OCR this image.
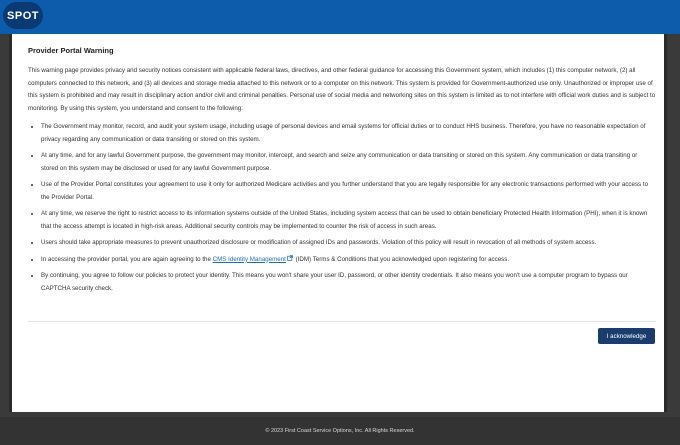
SPOT
Provider Portal Warning

This warning page provides privacy and security notices consistent with applicable federal laws, directives, and other federal guidance for accessing this Government system, which includes (1) this computer network, (2) all computers connected to this network, and (3) all devices and storage media attached to this network or to a computer on this network. This system is provided for Government-authorized use only. Unauthorized or improper use of this system is prohibited and may result in disciplinary action and/or civil and criminal penalties. Personal use of social media and networking sites on this system is limited as to not interfere with official work duties and is subject to monitoring. By using this system, you understand and consent to the following:

• The Government may monitor, record, and audit your system usage, including usage of personal devices and email systems for official duties or to conduct HHS business. Therefore, you have no reasonable expectation of privacy regarding any communication or data transiting or stored on this system.
• At any time, and for any lawful Government purpose, the government may monitor, intercept, and search and seize any communication or data transiting or stored on this system. Any communication or data transiting or stored on this system may be disclosed or used for any lawful Government purpose.
• Use of the Provider Portal constitutes your agreement to use it only for authorized Medicare activities and you further understand that you are legally responsible for any electronic transactions performed with your access to the Provider Portal.
• At any time, we reserve the right to restrict access to its information systems outside of the United States, including system access that can be used to obtain beneficiary Protected Health Information (PHI), when it is known that the access attempt is located in high-risk areas. Additional security controls may be implemented to counter the risk of access in such areas.
• Users should take appropriate measures to prevent unauthorized disclosure or modification of assigned IDs and passwords. Violation of this policy will result in revocation of all methods of system access.
• In accessing the provider portal, you are again agreeing to the CMS Identity Management (IDM) Terms & Conditions that you acknowledged upon registering for access.
• By continuing, you agree to follow our policies to protect your identity. This means you won't share your user ID, password, or other identity credentials. It also means you won't use a computer program to bypass our CAPTCHA security check.
I acknowledge
© 2023 First Coast Service Options, Inc. All Rights Reserved.
